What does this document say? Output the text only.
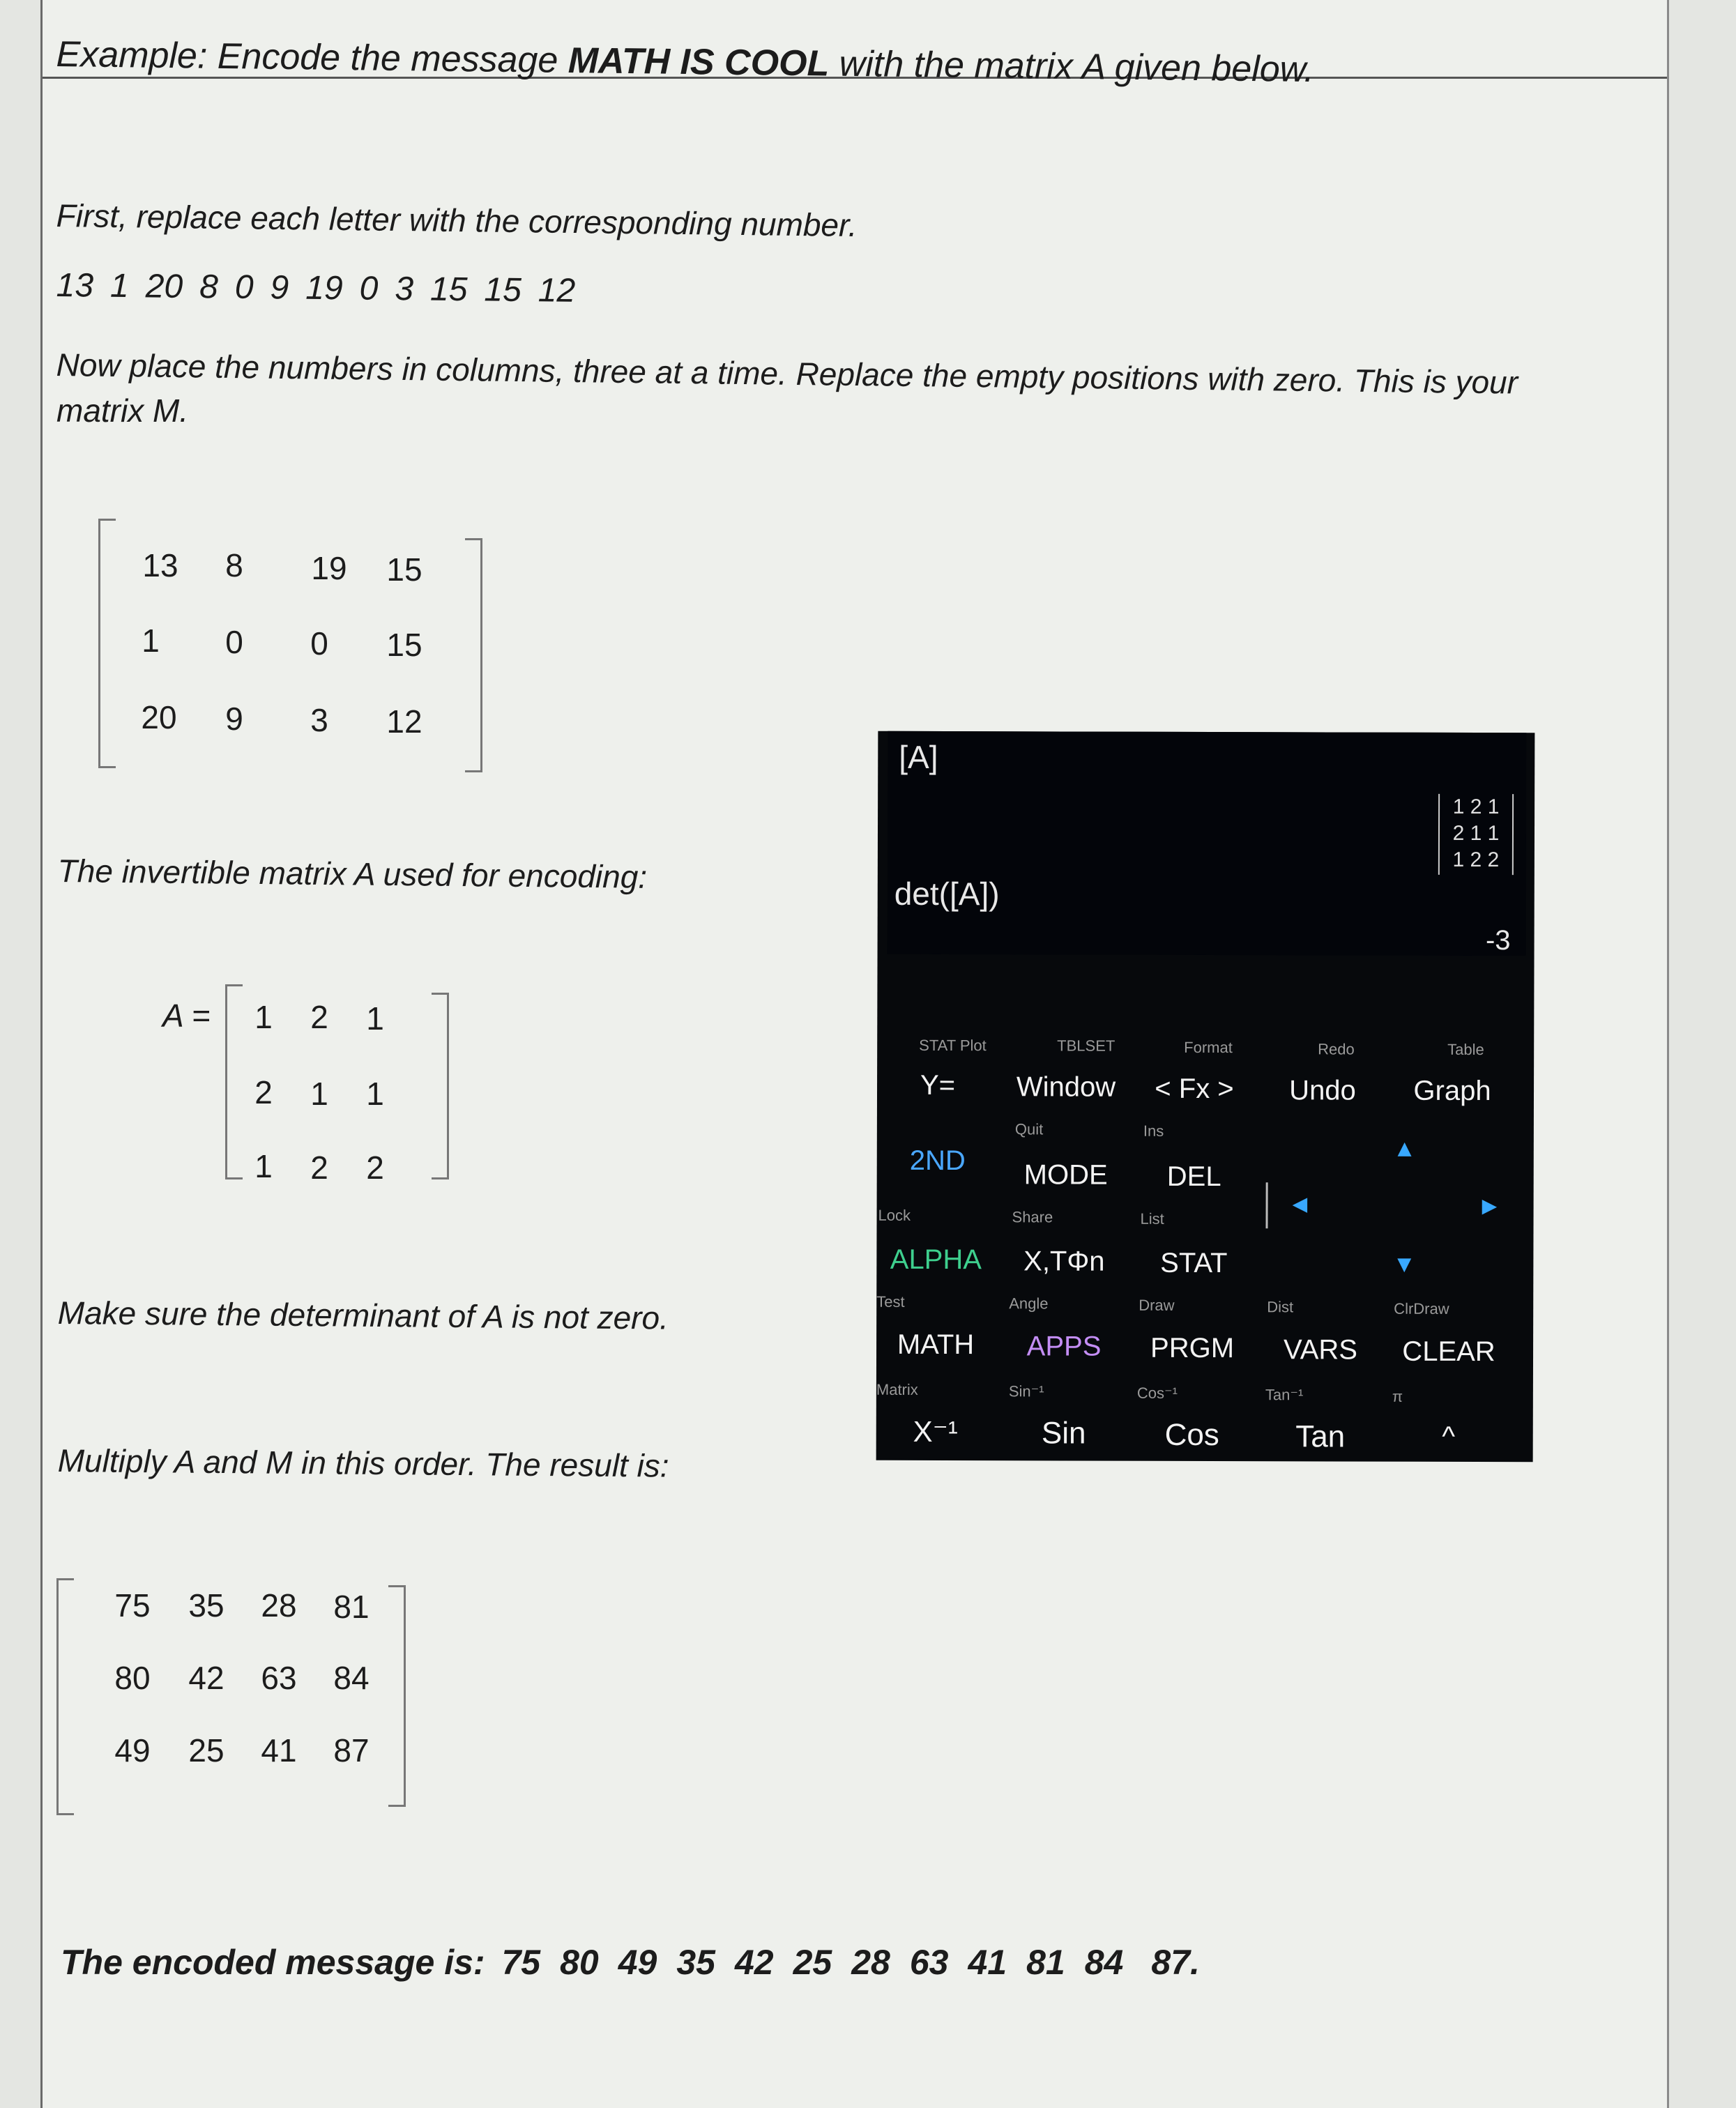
Example: Encode the message MATH IS COOL with the matrix A given below.
First, replace each letter with the corresponding number.
13 1 20 8 0 9 19 0 3 15 15 12
Now place the numbers in columns, three at a time. Replace the empty positions with zero. This is your
matrix M.
13	8	19 15
1	0	0	15
20	9	3	12
The invertible matrix A used for encoding:
A =	1	2	1
2	1	1
1	2	2
Make sure the determinant of A is not zero.
Multiply A and M in this order. The result is:
75 35 28 81
80 42 63 84
49 25 41 87
The encoded message is: 75 80 49 35 42 25 28 63 41 81 84 87.
[A]
1 2 1
2 1 1
1 2 2
det([A])
-3
STAT Plot	TBLSET	Format	Redo	Table
Y=	Window	< Fx >	Undo	Graph
Quit	Ins
2ND	MODE	DEL
▲
◀	▶
▼
Lock	Share	List
ALPHA	X,TΦn	STAT
Test	Angle	Draw	Dist	ClrDraw
MATH	APPS	PRGM	VARS	CLEAR
Matrix	Sin⁻¹	Cos⁻¹	Tan⁻¹	π
X⁻¹	Sin	Cos	Tan	^
